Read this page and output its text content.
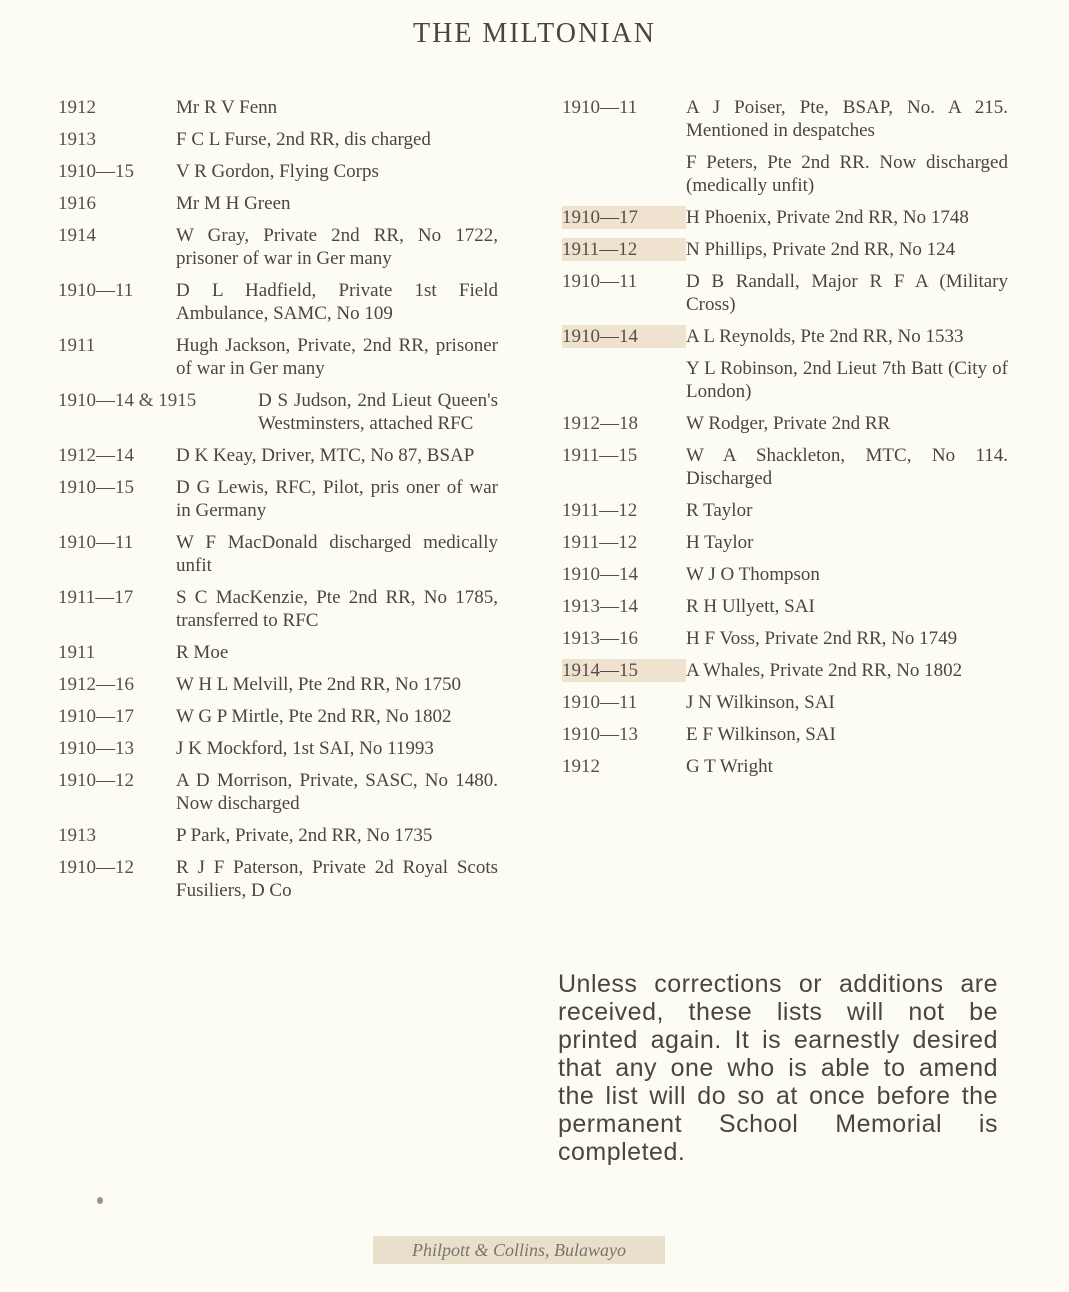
THE MILTONIAN
1912	Mr R V Fenn
1913	F C L Furse, 2nd RR, dis charged
1910—15	V R Gordon, Flying Corps
1916	Mr M H Green
1914	W Gray, Private 2nd RR, No 1722, prisoner of war in Ger many
1910—11	D L Hadfield, Private 1st Field Ambulance, SAMC, No 109
1911	Hugh Jackson, Private, 2nd RR, prisoner of war in Ger many
1910—14 & 1915	D S Judson, 2nd Lieut Queen's Westminsters, attached RFC
1912—14	D K Keay, Driver, MTC, No 87, BSAP
1910—15	D G Lewis, RFC, Pilot, pris oner of war in Germany
1910—11	W F MacDonald discharged medically unfit
1911—17	S C MacKenzie, Pte 2nd RR, No 1785, transferred to RFC
1911	R Moe
1912—16	W H L Melvill, Pte 2nd RR, No 1750
1910—17	W G P Mirtle, Pte 2nd RR, No 1802
1910—13	J K Mockford, 1st SAI, No 11993
1910—12	A D Morrison, Private, SASC, No 1480. Now discharged
1913	P Park, Private, 2nd RR, No 1735
1910—12	R J F Paterson, Private 2d Royal Scots Fusiliers, D Co
1910—11	A J Poiser, Pte, BSAP, No. A 215. Mentioned in despatches
F Peters, Pte 2nd RR. Now discharged (medically unfit)
1910—17	H Phoenix, Private 2nd RR, No 1748
1911—12	N Phillips, Private 2nd RR, No 124
1910—11	D B Randall, Major R F A (Military Cross)
1910—14	A L Reynolds, Pte 2nd RR, No 1533
Y L Robinson, 2nd Lieut 7th Batt (City of London)
1912—18	W Rodger, Private 2nd RR
1911—15	W A Shackleton, MTC, No 114. Discharged
1911—12	R Taylor
1911—12	H Taylor
1910—14	W J O Thompson
1913—14	R H Ullyett, SAI
1913—16	H F Voss, Private 2nd RR, No 1749
1914—15	A Whales, Private 2nd RR, No 1802
1910—11	J N Wilkinson, SAI
1910—13	E F Wilkinson, SAI
1912	G T Wright
Unless corrections or additions are received, these lists will not be printed again. It is earnestly desired that any one who is able to amend the list will do so at once before the permanent School Memorial is completed.
Philpott & Collins, Bulawayo
